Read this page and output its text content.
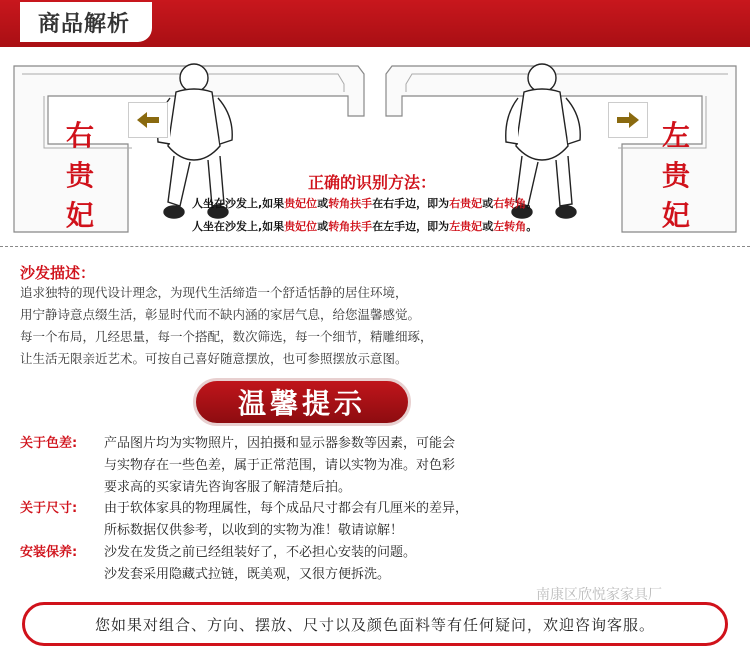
商品解析
右
贵
妃
左
贵
妃
正确的识别方法：
人坐在沙发上,如果贵妃位或转角扶手在右手边，即为右贵妃或右转角。
人坐在沙发上,如果贵妃位或转角扶手在左手边，即为左贵妃或左转角。
沙发描述：
追求独特的现代设计理念，为现代生活缔造一个舒适恬静的居住环境，
用宁静诗意点缀生活，彰显时代而不缺内涵的家居气息，给您温馨感觉。
每一个布局，几经思量，每一个搭配，数次筛选，每一个细节，精雕细琢，
让生活无限亲近艺术。可按自己喜好随意摆放，也可参照摆放示意图。
温馨提示
关于色差: 产品图片均为实物照片，因拍摄和显示器参数等因素，可能会
与实物存在一些色差，属于正常范围，请以实物为准。对色彩
要求高的买家请先咨询客服了解清楚后拍。
关于尺寸: 由于软体家具的物理属性，每个成品尺寸都会有几厘米的差异，
所标数据仅供参考，以收到的实物为准！敬请谅解！
安装保养: 沙发在发货之前已经组装好了，不必担心安装的问题。
沙发套采用隐藏式拉链，既美观，又很方便拆洗。
南康区欣悦家家具厂
您如果对组合、方向、摆放、尺寸以及颜色面料等有任何疑问，欢迎咨询客服。
